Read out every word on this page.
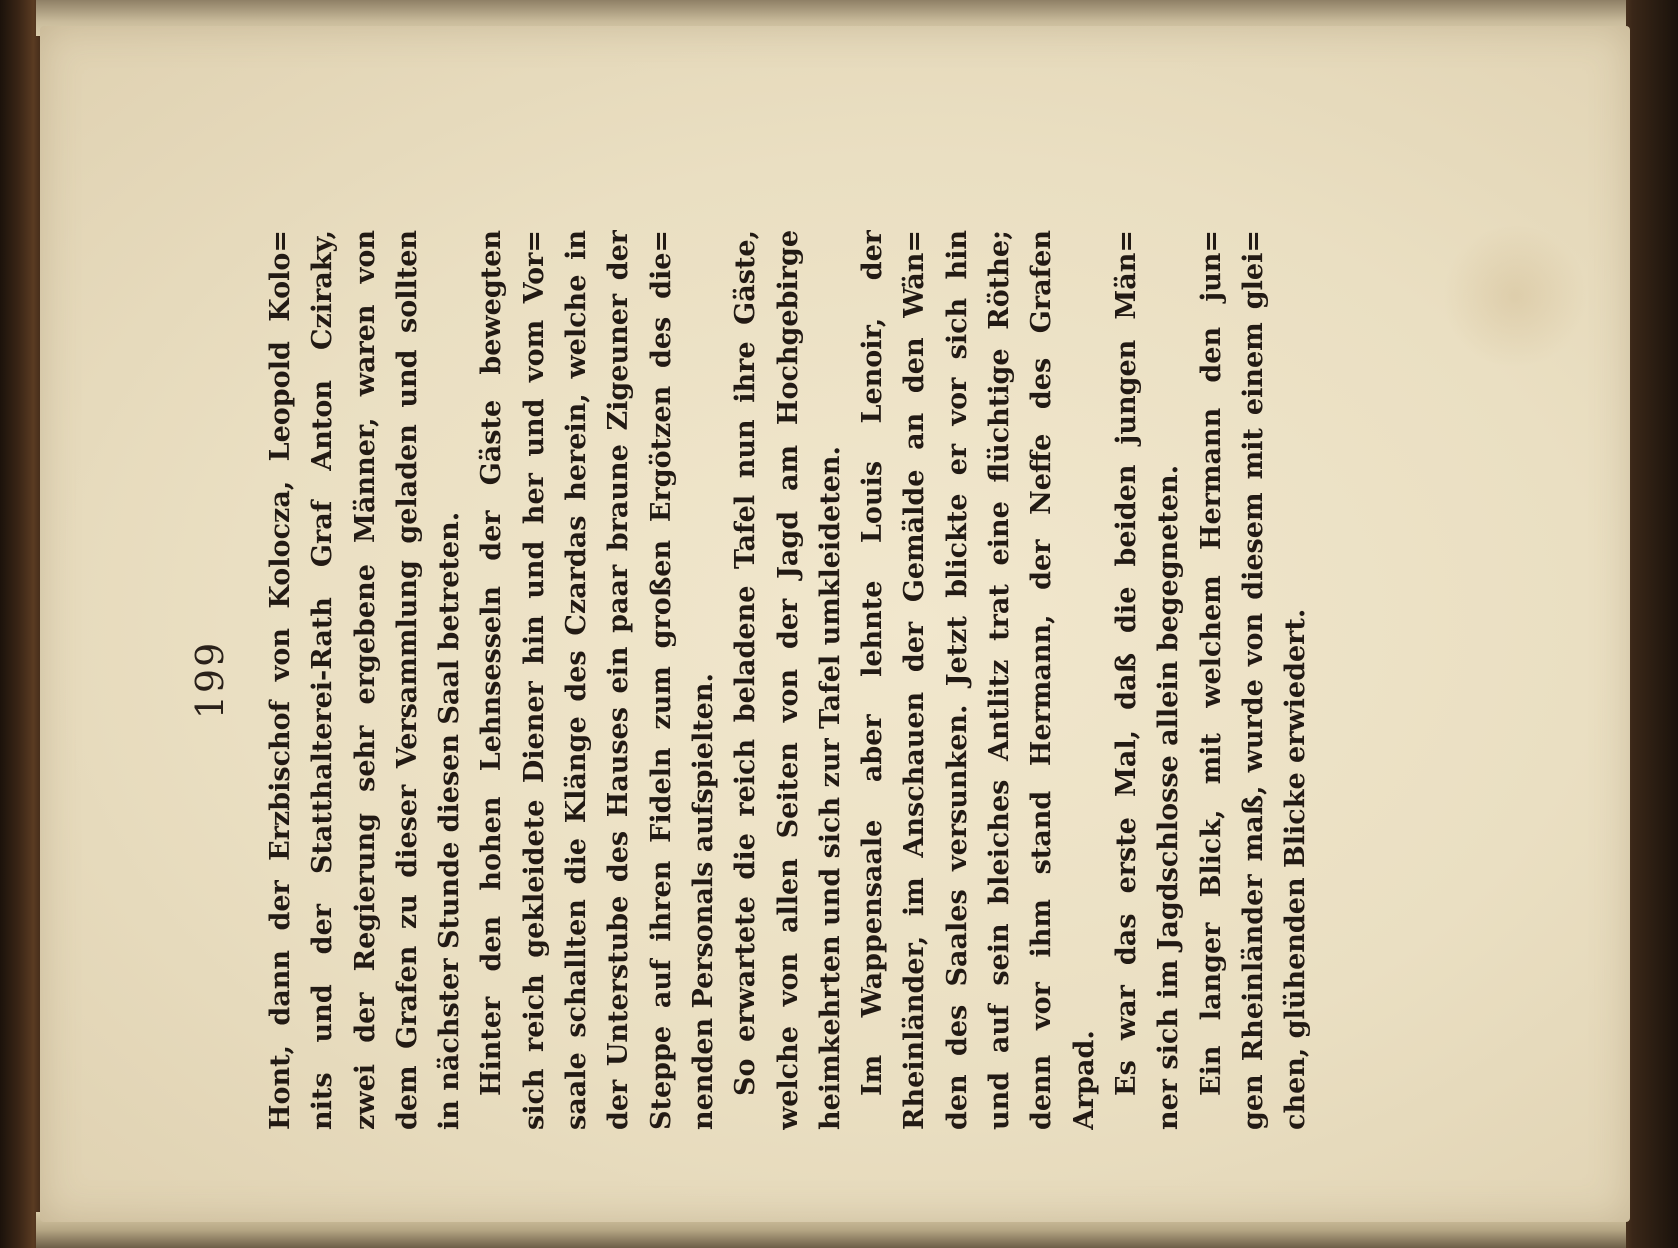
199 Hont, dann der Erzbischof von Kolocza, Leopold Kolo= nits und der Statthalterei-Rath Graf Anton Cziraky, zwei der Regierung sehr ergebene Männer, waren von dem Grafen zu dieser Versammlung geladen und sollten in nächster Stunde diesen Saal betreten. Hinter den hohen Lehnsesseln der Gäste bewegten sich reich gekleidete Diener hin und her und vom Vor= saale schallten die Klänge des Czardas herein, welche in der Unterstube des Hauses ein paar braune Zigeuner der Steppe auf ihren Fideln zum großen Ergötzen des die= nenden Personals aufspielten. So erwartete die reich beladene Tafel nun ihre Gäste, welche von allen Seiten von der Jagd am Hochgebirge heimkehrten und sich zur Tafel umkleideten. Im Wappensaale aber lehnte Louis Lenoir, der Rheinländer, im Anschauen der Gemälde an den Wän= den des Saales versunken. Jetzt blickte er vor sich hin und auf sein bleiches Antlitz trat eine flüchtige Röthe; denn vor ihm stand Hermann, der Neffe des Grafen Arpad. Es war das erste Mal, daß die beiden jungen Män= ner sich im Jagdschlosse allein begegneten. Ein langer Blick, mit welchem Hermann den jun= gen Rheinländer maß, wurde von diesem mit einem glei= chen, glühenden Blicke erwiedert.
